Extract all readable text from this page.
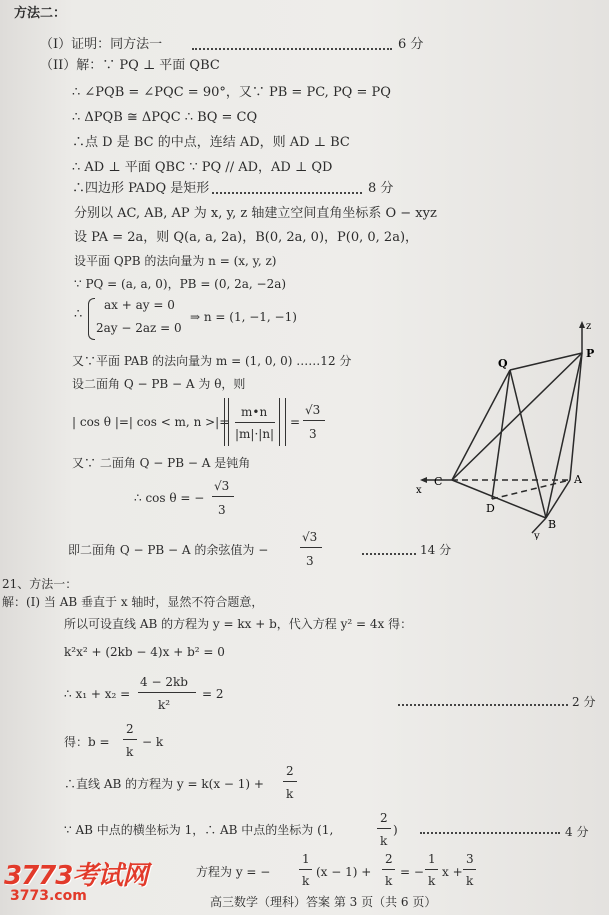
方法二：
（I）证明：同方法一	6 分
（II）解：∵ PQ ⊥ 平面 QBC
∴ ∠PQB = ∠PQC = 90°，又∵ PB = PC, PQ = PQ
∴ ΔPQB ≅ ΔPQC ∴ BQ = CQ
∴点 D 是 BC 的中点，连结 AD，则 AD ⊥ BC
∴ AD ⊥ 平面 QBC ∵ PQ // AD，AD ⊥ QD
∴四边形 PADQ 是矩形	8 分
分别以 AC, AB, AP 为 x, y, z 轴建立空间直角坐标系 O − xyz
设 PA = 2a，则 Q(a, a, 2a)，B(0, 2a, 0)，P(0, 0, 2a)，
设平面 QPB 的法向量为 n = (x, y, z)
∵ PQ = (a, a, 0)，PB = (0, 2a, −2a)
∴
ax + ay = 0
2ay − 2az = 0
⇒ n = (1, −1, −1)
又∵平面 PAB 的法向量为 m = (1, 0, 0) ……12 分
设二面角 Q − PB − A 为 θ，则
| cos θ |=| cos < m, n >|=
m•n
|m|·|n|
=
√3
3
又∵ 二面角 Q − PB − A 是钝角
∴ cos θ = −
√3
3
即二面角 Q − PB − A 的余弦值为 −
√3
3
14 分
21、方法一：
解：(I) 当 AB 垂直于 x 轴时，显然不符合题意，
所以可设直线 AB 的方程为 y = kx + b，代入方程 y² = 4x 得：
k²x² + (2kb − 4)x + b² = 0
∴ x₁ + x₂ =
4 − 2kb
k²
= 2
2 分
得：b =
2
k
− k
∴直线 AB 的方程为 y = k(x − 1) +
2
k
∵ AB 中点的横坐标为 1，∴ AB 中点的坐标为 (1,
2
k
)	4 分
方程为 y = −
1
k
(x − 1) +
2
k
= −
1
k
x +
3
k
高三数学（理科）答案 第 3 页（共 6 页）
z
P
Q
A
x
C
D
B
y
3773考试网
3773.com
